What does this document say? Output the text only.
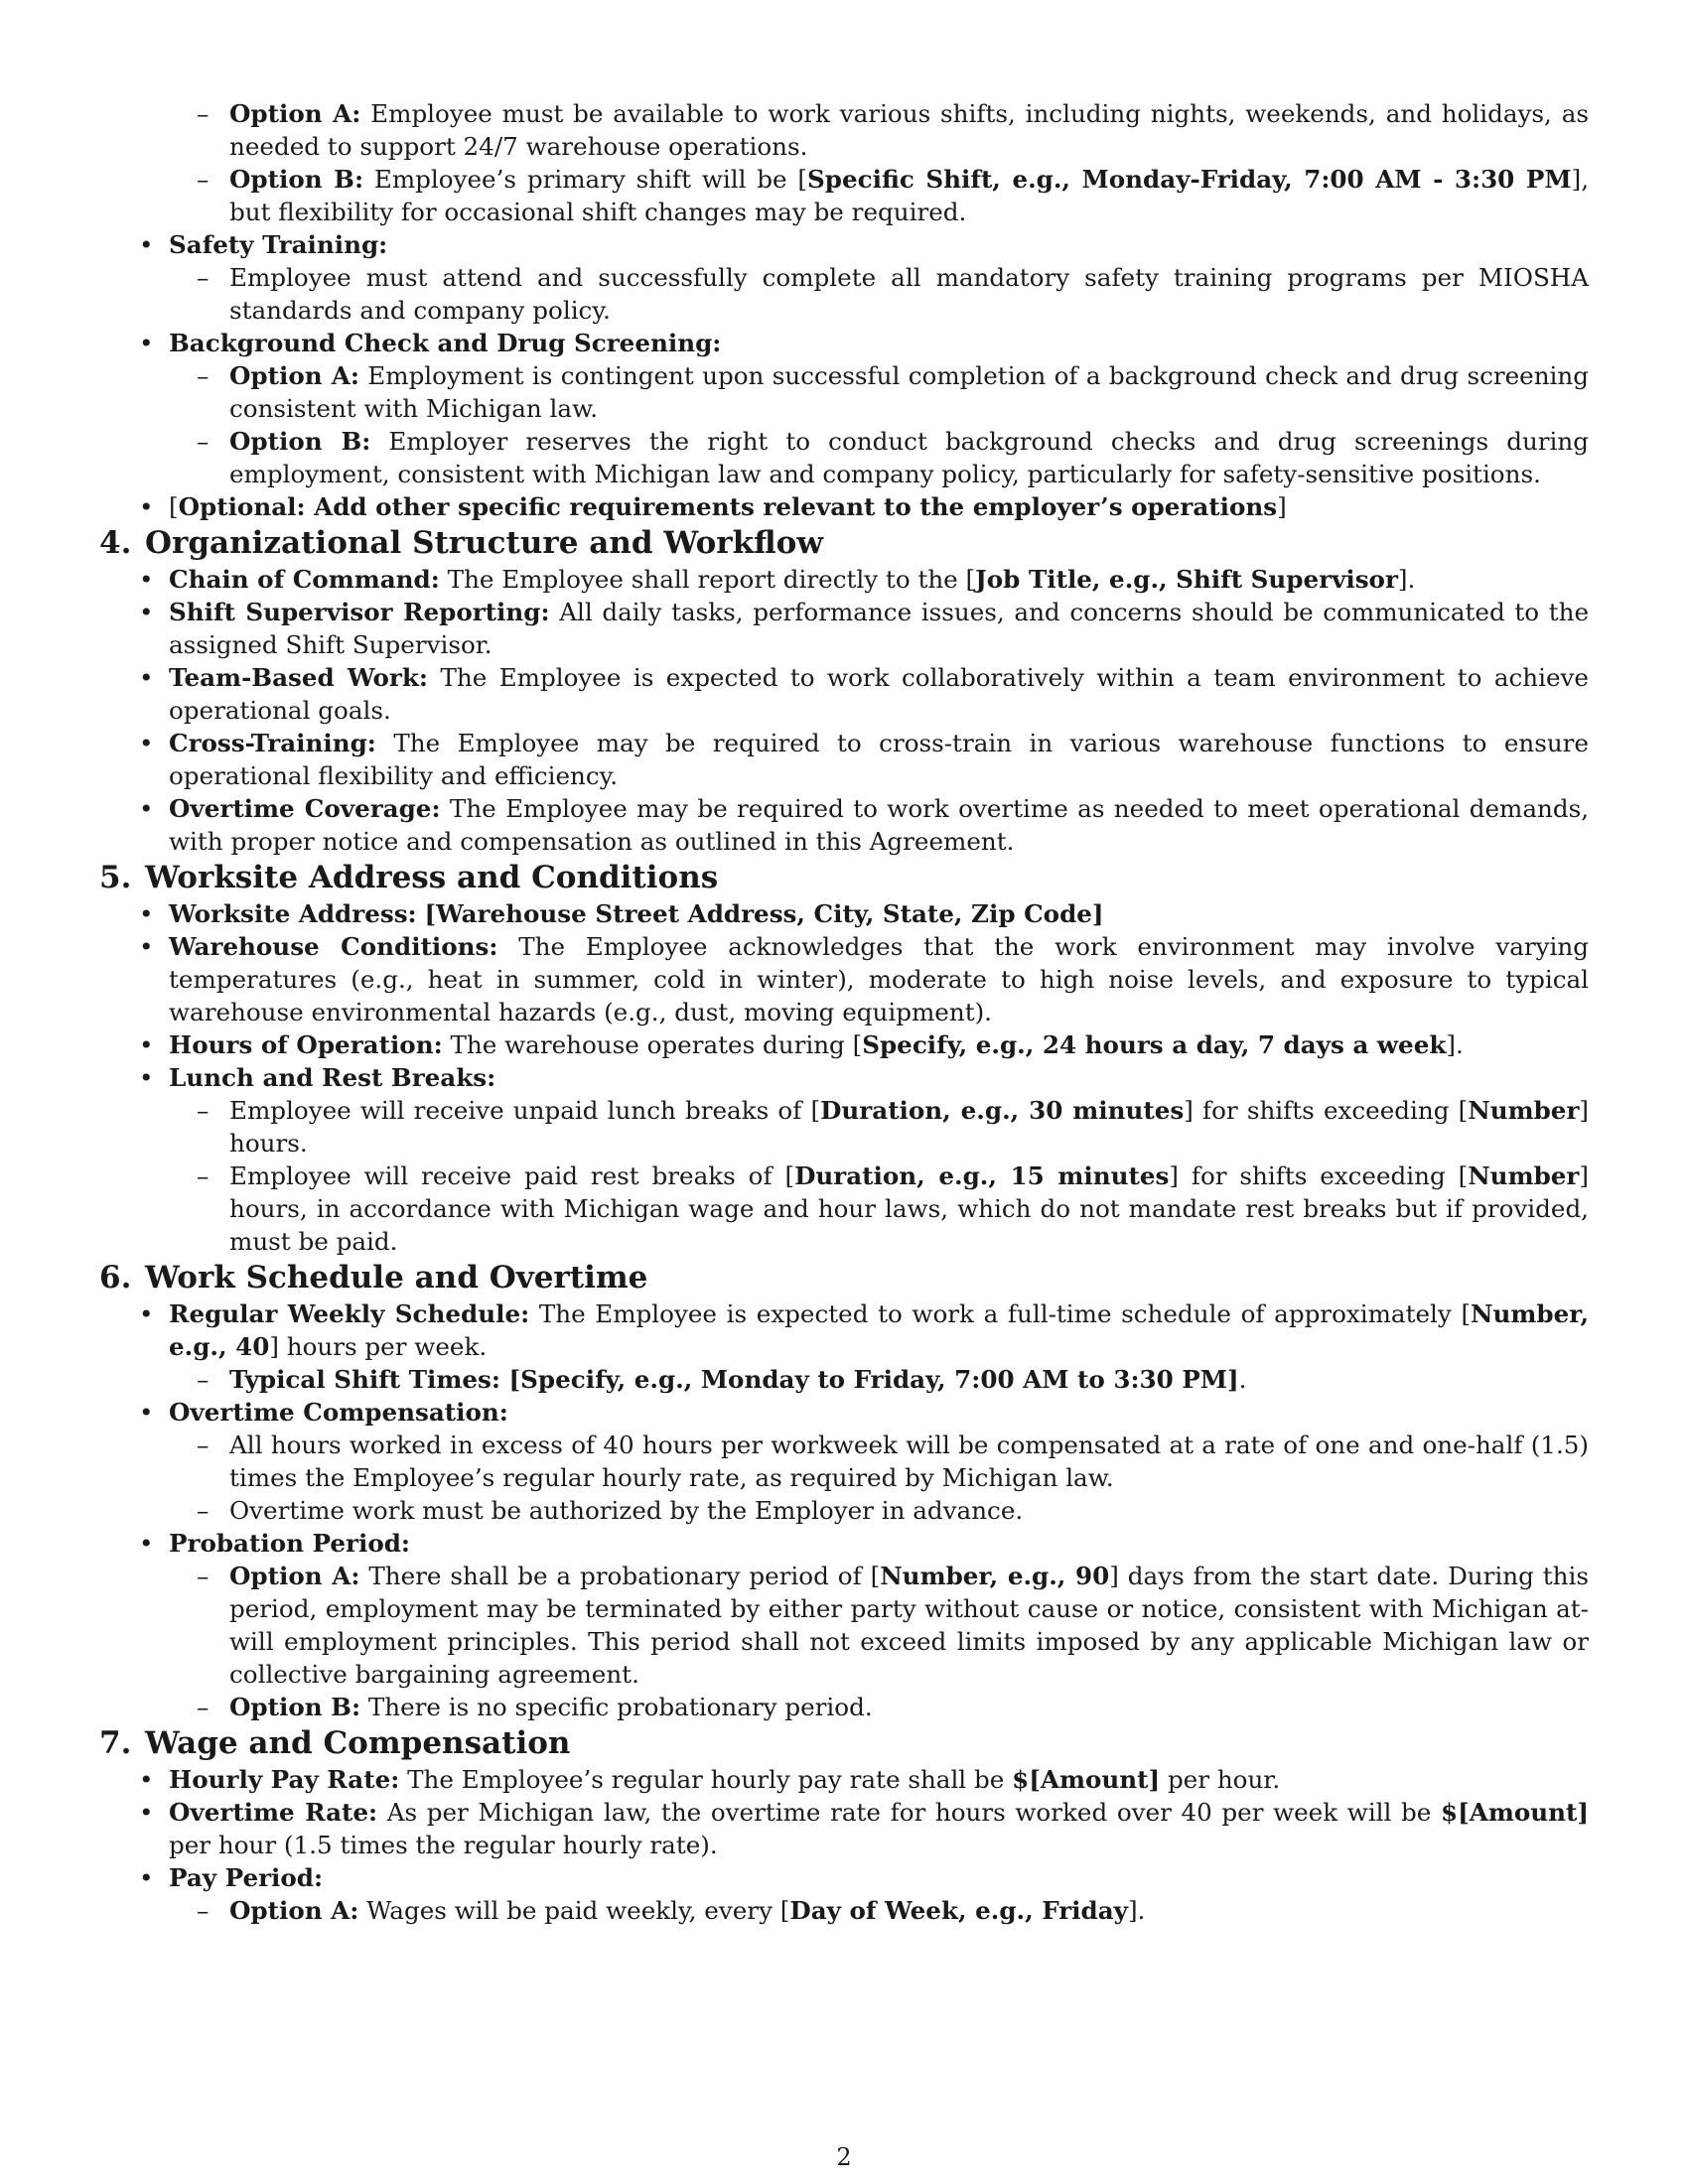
– Option A: Employee must be available to work various shifts, including nights, weekends, and holidays, as needed to support 24/7 warehouse operations.
– Option B: Employee’s primary shift will be [Specific Shift, e.g., Monday-Friday, 7:00 AM - 3:30 PM], but flexibility for occasional shift changes may be required.
• Safety Training:
– Employee must attend and successfully complete all mandatory safety training programs per MIOSHA standards and company policy.
• Background Check and Drug Screening:
– Option A: Employment is contingent upon successful completion of a background check and drug screening consistent with Michigan law.
– Option B: Employer reserves the right to conduct background checks and drug screenings during employment, consistent with Michigan law and company policy, particularly for safety-sensitive positions.
• [Optional: Add other specific requirements relevant to the employer’s operations]
4. Organizational Structure and Workflow
• Chain of Command: The Employee shall report directly to the [Job Title, e.g., Shift Supervisor].
• Shift Supervisor Reporting: All daily tasks, performance issues, and concerns should be communicated to the assigned Shift Supervisor.
• Team-Based Work: The Employee is expected to work collaboratively within a team environment to achieve operational goals.
• Cross-Training: The Employee may be required to cross-train in various warehouse functions to ensure operational flexibility and efficiency.
• Overtime Coverage: The Employee may be required to work overtime as needed to meet operational demands, with proper notice and compensation as outlined in this Agreement.
5. Worksite Address and Conditions
• Worksite Address: [Warehouse Street Address, City, State, Zip Code]
• Warehouse Conditions: The Employee acknowledges that the work environment may involve varying temperatures (e.g., heat in summer, cold in winter), moderate to high noise levels, and exposure to typical warehouse environmental hazards (e.g., dust, moving equipment).
• Hours of Operation: The warehouse operates during [Specify, e.g., 24 hours a day, 7 days a week].
• Lunch and Rest Breaks:
– Employee will receive unpaid lunch breaks of [Duration, e.g., 30 minutes] for shifts exceeding [Number] hours.
– Employee will receive paid rest breaks of [Duration, e.g., 15 minutes] for shifts exceeding [Number] hours, in accordance with Michigan wage and hour laws, which do not mandate rest breaks but if provided, must be paid.
6. Work Schedule and Overtime
• Regular Weekly Schedule: The Employee is expected to work a full-time schedule of approximately [Number, e.g., 40] hours per week.
– Typical Shift Times: [Specify, e.g., Monday to Friday, 7:00 AM to 3:30 PM].
• Overtime Compensation:
– All hours worked in excess of 40 hours per workweek will be compensated at a rate of one and one-half (1.5) times the Employee’s regular hourly rate, as required by Michigan law.
– Overtime work must be authorized by the Employer in advance.
• Probation Period:
– Option A: There shall be a probationary period of [Number, e.g., 90] days from the start date. During this period, employment may be terminated by either party without cause or notice, consistent with Michigan at-will employment principles. This period shall not exceed limits imposed by any applicable Michigan law or collective bargaining agreement.
– Option B: There is no specific probationary period.
7. Wage and Compensation
• Hourly Pay Rate: The Employee’s regular hourly pay rate shall be $[Amount] per hour.
• Overtime Rate: As per Michigan law, the overtime rate for hours worked over 40 per week will be $[Amount] per hour (1.5 times the regular hourly rate).
• Pay Period:
– Option A: Wages will be paid weekly, every [Day of Week, e.g., Friday].
2
